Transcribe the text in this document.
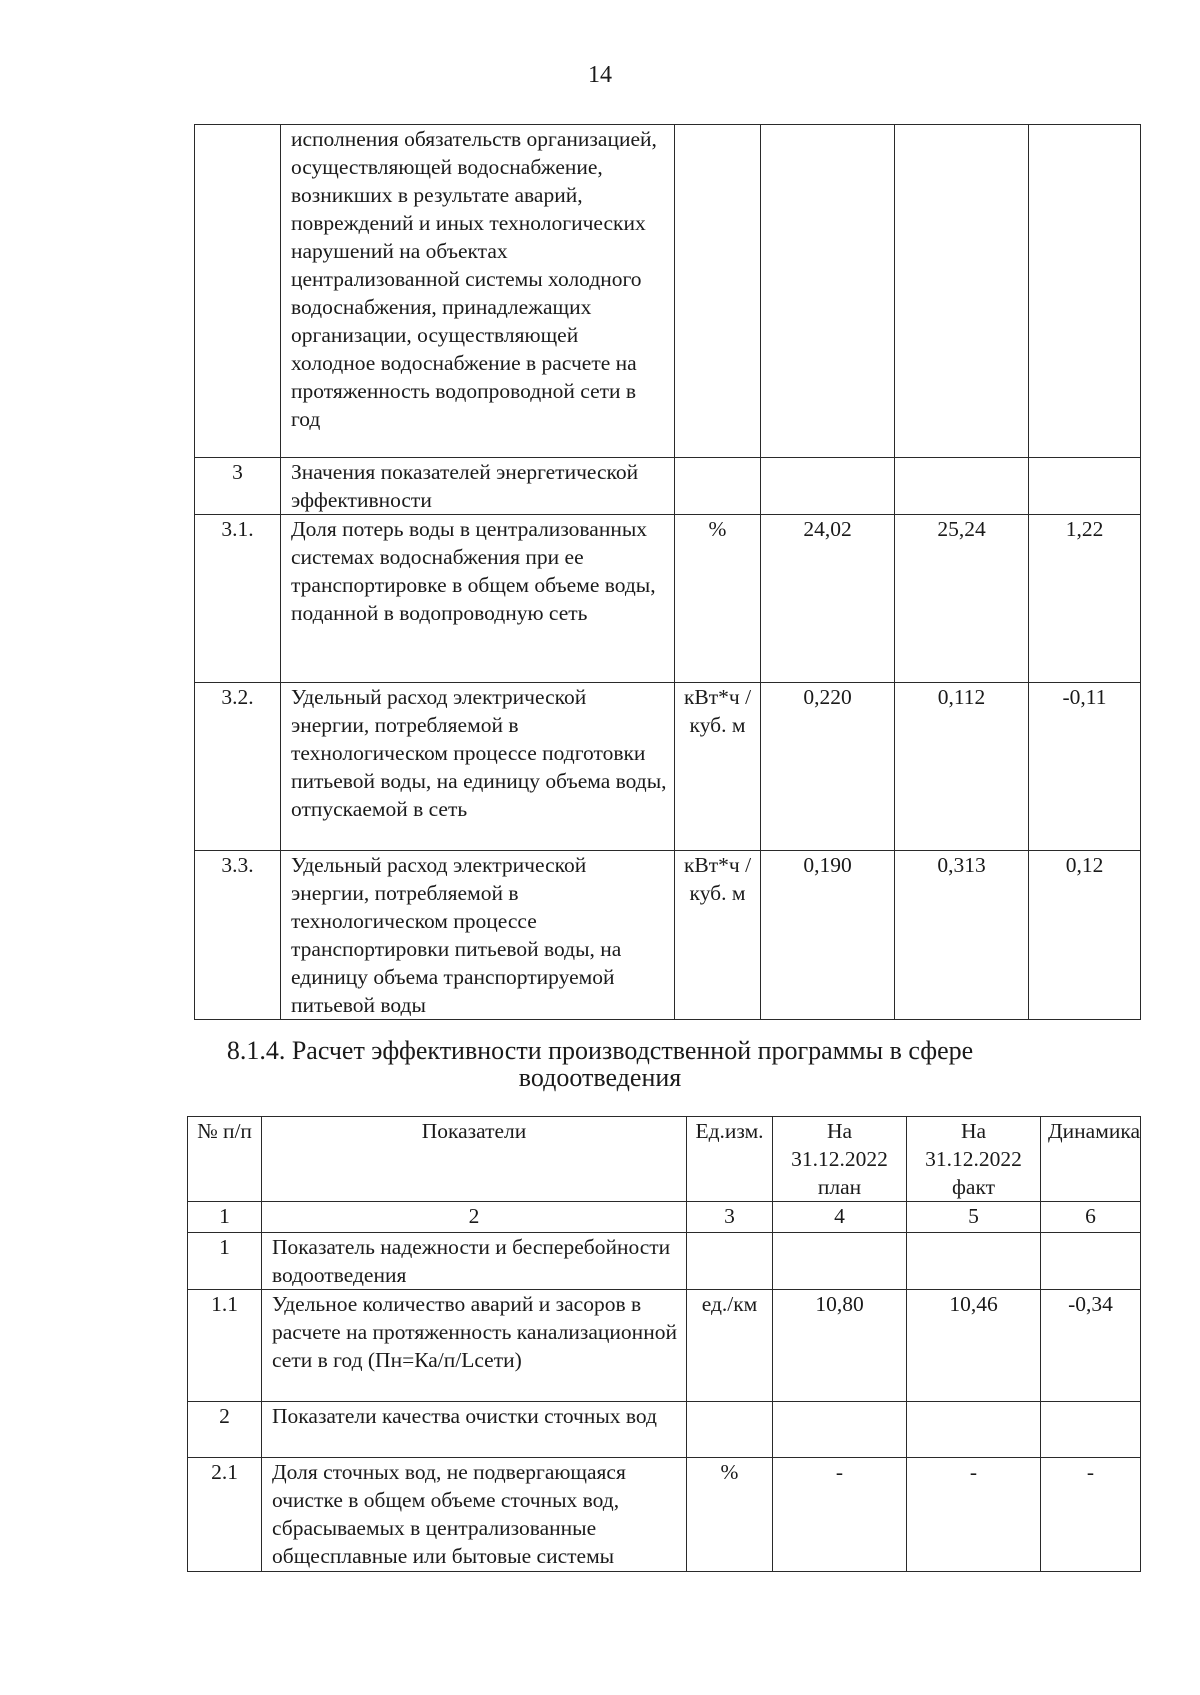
14
	исполнения обязательств организацией, осуществляющей водоснабжение, возникших в результате аварий, повреждений и иных технологических нарушений на объектах централизованной системы холодного водоснабжения, принадлежащих организации, осуществляющей холодное водоснабжение в расчете на протяженность водопроводной сети в год				
3	Значения показателей энергетической эффективности				
3.1.	Доля потерь воды в централизованных системах водоснабжения при ее транспортировке в общем объеме воды, поданной в водопроводную сеть	%	24,02	25,24	1,22
3.2.	Удельный расход электрической энергии, потребляемой в технологическом процессе подготовки питьевой воды, на единицу объема воды, отпускаемой в сеть	кВт*ч /куб. м	0,220	0,112	-0,11
3.3.	Удельный расход электрической энергии, потребляемой в технологическом процессе транспортировки питьевой воды, на единицу объема транспортируемой питьевой воды	кВт*ч /куб. м	0,190	0,313	0,12
8.1.4. Расчет эффективности производственной программы в сфере
водоотведения
№ п/п	Показатели	Ед.изм.	На 31.12.2022 план	На 31.12.2022 факт	Динамика
1	2	3	4	5	6
1	Показатель надежности и бесперебойности водоотведения				
1.1	Удельное количество аварий и засоров в расчете на протяженность канализационной сети в год (Пн=Ка/п/Lсети)	ед./км	10,80	10,46	-0,34
2	Показатели качества очистки сточных вод				
2.1	Доля сточных вод, не подвергающаяся очистке в общем объеме сточных вод, сбрасываемых в централизованные общесплавные или бытовые системы	%	-	-	-
